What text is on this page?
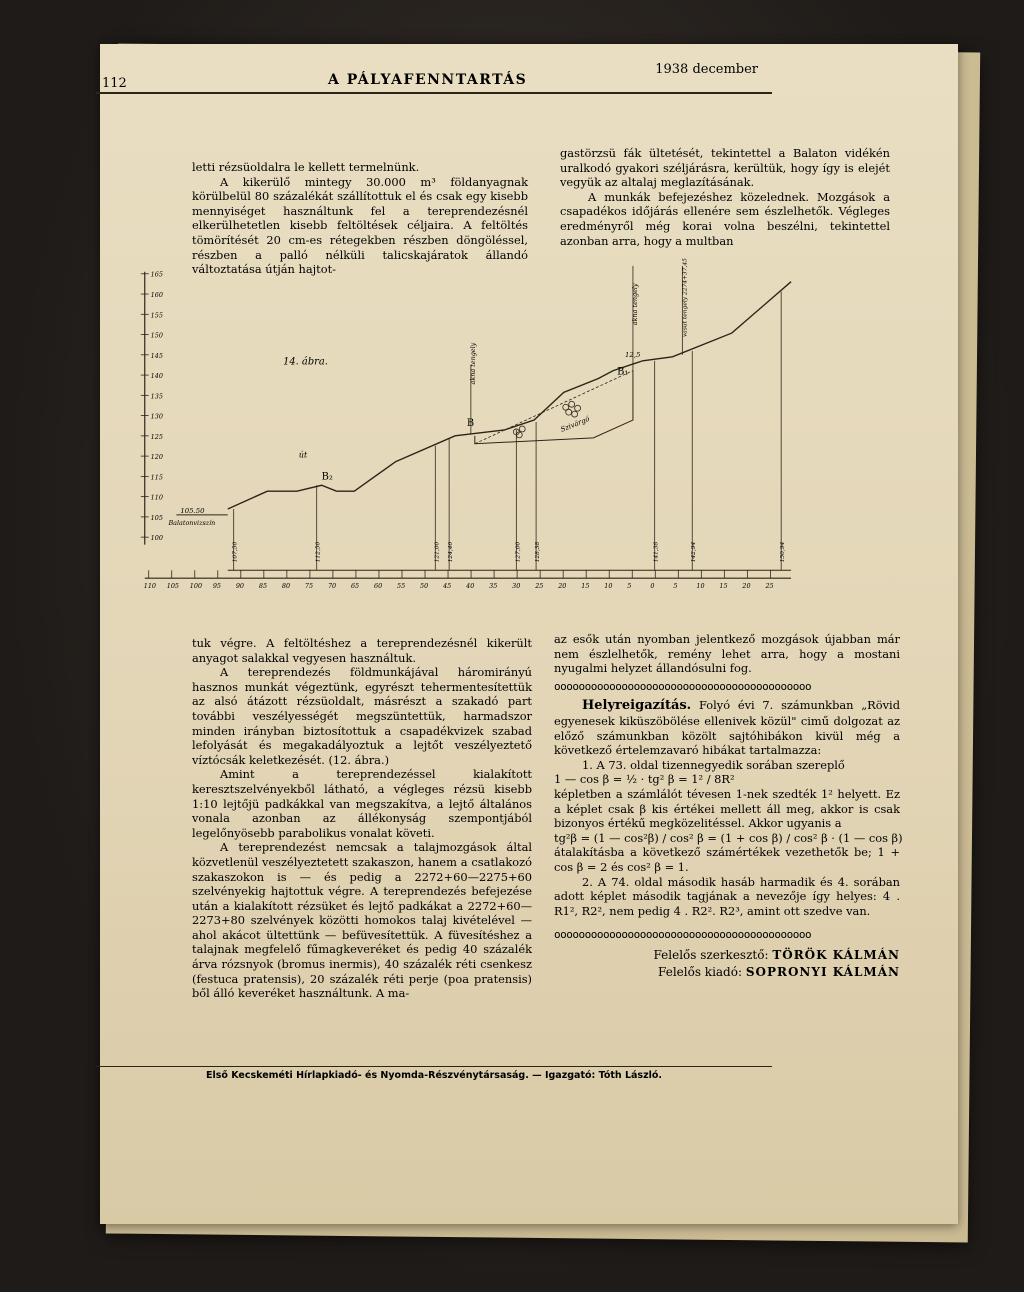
112	A PÁLYAFENNTARTÁS
1938 december

letti rézsüoldalra le kellett termelnünk.

A kikerülő mintegy 30.000 m³ földanyagnak körülbelül 80 százalékát szállítottuk el és csak egy kisebb mennyiséget használtunk fel a tereprendezésnél elkerülhetetlen kisebb feltöltések céljaira. A feltöltés tömörítését 20 cm-es rétegekben részben döngöléssel, részben a palló nélküli talicskajáratok állandó változtatása útján hajtot-

gastörzsü fák ültetését, tekintettel a Balaton vidékén uralkodó gyakori széljárásra, kerültük, hogy így is elejét vegyük az altalaj meglazításának.

A munkák befejezéshez közelednek. Mozgások a csapadékos időjárás ellenére sem észlelhetők. Végleges eredményről még korai volna beszélni, tekintettel azonban arra, hogy a multban

165
160
155
150
145
140
135
130
125
120
115
110
105
100
110 105 100 95 90 85 80 75 70 65 60 55 50 45 40 35 30 25 20 15 10 5	0	5	10 15 20 25
105.50
Balatonvizszín
107,50	112,50	121,00 124,40	127,00 128,38	141,38	142,94	150,94
14. ábra.
B₂
B
B₁
út
Szivárgó
12,5
akna tengely
akna tengely	vasút tengely 2274+37,45 szelv.

tuk végre. A feltöltéshez a tereprendezésnél kikerült anyagot salakkal vegyesen használtuk.

A tereprendezés földmunkájával háromirányú hasznos munkát végeztünk, egyrészt tehermentesítettük az alsó átázott rézsüoldalt, másrészt a szakadó part további veszélyességét megszüntettük, harmadszor minden irányban biztosítottuk a csapadékvizek szabad lefolyását és megakadályoztuk a lejtőt veszélyeztető víztócsák keletkezését. (12. ábra.)

Amint a tereprendezéssel kialakított keresztszelvényekből látható, a végleges rézsü kisebb 1:10 lejtőjü padkákkal van megszakítva, a lejtő általános vonala azonban az állékonyság szempontjából legelőnyösebb parabolikus vonalat követi.

A tereprendezést nemcsak a talajmozgások által közvetlenül veszélyeztetett szakaszon, hanem a csatlakozó szakaszokon is — és pedig a 2272+60—2275+60 szelvényekig hajtottuk végre. A tereprendezés befejezése után a kialakított rézsüket és lejtő padkákat a 2272+60—2273+80 szelvények közötti homokos talaj kivételével — ahol akácot ültettünk — befüvesítettük. A füvesítéshez a talajnak megfelelő fűmagkeveréket és pedig 40 százalék árva rózsnyok (bromus inermis), 40 százalék réti csenkesz (festuca pratensis), 20 százalék réti perje (poa pratensis) ből álló keveréket használtunk. A ma-

az esők után nyomban jelentkező mozgások újabban már nem észlelhetők, remény lehet arra, hogy a mostani nyugalmi helyzet állandósulni fog.

oooooooooooooooooooooooooooooooooooooooooo

Helyreigazítás. Folyó évi 7. számunkban „Rövid egyenesek kiküszöbölése ellenivek közül" cimű dolgozat az előző számunkban közölt sajtóhibákon kivül még a következő értelemzavaró hibákat tartalmazza:

1. A 73. oldal tizennegyedik sorában szereplő

1 — cos β = ½ · tg² β = 1² / 8R²

képletben a számlálót tévesen 1-nek szedték 1² helyett. Ez a képlet csak β kis értékei mellett áll meg, akkor is csak bizonyos értékű megközelitéssel. Akkor ugyanis a

tg²β = (1 — cos²β) / cos² β = (1 + cos β) / cos² β · (1 — cos β)

átalakításba a következő számértékek vezethetők be; 1 + cos β = 2 és cos² β = 1.

2. A 74. oldal második hasáb harmadik és 4. sorában adott képlet második tagjának a nevezője így helyes: 4 . R1², R2², nem pedig 4 . R2². R2³, amint ott szedve van.

oooooooooooooooooooooooooooooooooooooooooo
Felelős szerkesztő: TÖRÖK KÁLMÁN
Felelős kiadó: SOPRONYI KÁLMÁN
Első Kecskeméti Hírlapkiadó- és Nyomda-Részvénytársaság. — Igazgató: Tóth László.
